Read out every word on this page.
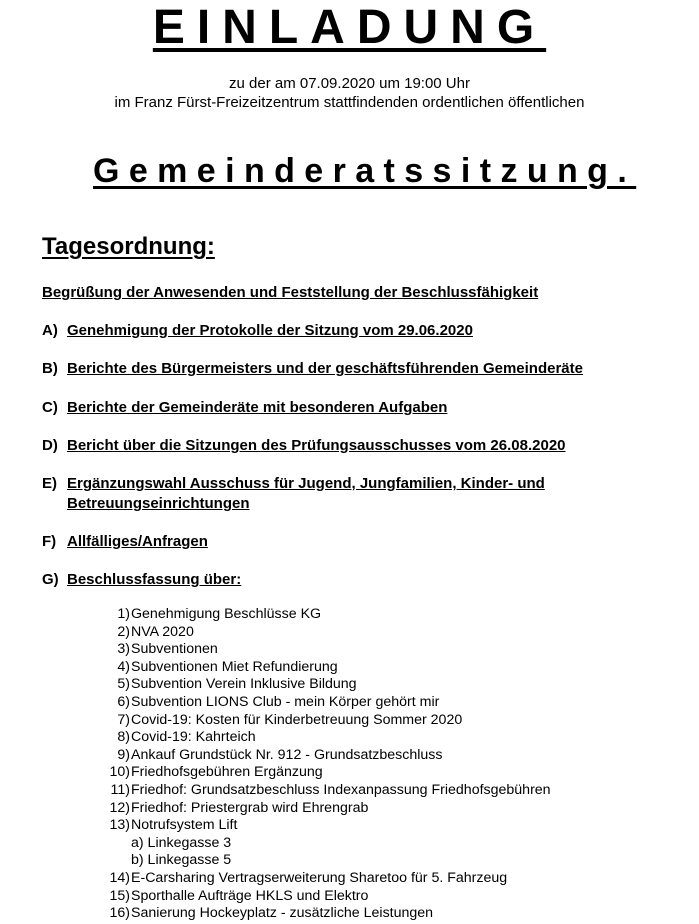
EINLADUNG
zu der am 07.09.2020 um 19:00 Uhr
im Franz Fürst-Freizeitzentrum stattfindenden ordentlichen öffentlichen
Gemeinderatssitzung.
Tagesordnung:
Begrüßung der Anwesenden und Feststellung der Beschlussfähigkeit
A) Genehmigung der Protokolle der Sitzung vom 29.06.2020
B) Berichte des Bürgermeisters und der geschäftsführenden Gemeinderäte
C) Berichte der Gemeinderäte mit besonderen Aufgaben
D) Bericht über die Sitzungen des Prüfungsausschusses vom 26.08.2020
E) Ergänzungswahl Ausschuss für Jugend, Jungfamilien, Kinder- und Betreuungseinrichtungen
F) Allfälliges/Anfragen
G) Beschlussfassung über:
1) Genehmigung Beschlüsse KG
2) NVA 2020
3) Subventionen
4) Subventionen Miet Refundierung
5) Subvention Verein Inklusive Bildung
6) Subvention LIONS Club - mein Körper gehört mir
7) Covid-19: Kosten für Kinderbetreuung Sommer 2020
8) Covid-19: Kahrteich
9) Ankauf Grundstück Nr. 912 - Grundsatzbeschluss
10) Friedhofsgebühren Ergänzung
11) Friedhof: Grundsatzbeschluss Indexanpassung Friedhofsgebühren
12) Friedhof: Priestergrab wird Ehrengrab
13) Notrufsystem Lift
a) Linkegasse 3
b) Linkegasse 5
14) E-Carsharing Vertragserweiterung Sharetoo für 5. Fahrzeug
15) Sporthalle Aufträge HKLS und Elektro
16) Sanierung Hockeyplatz - zusätzliche Leistungen
